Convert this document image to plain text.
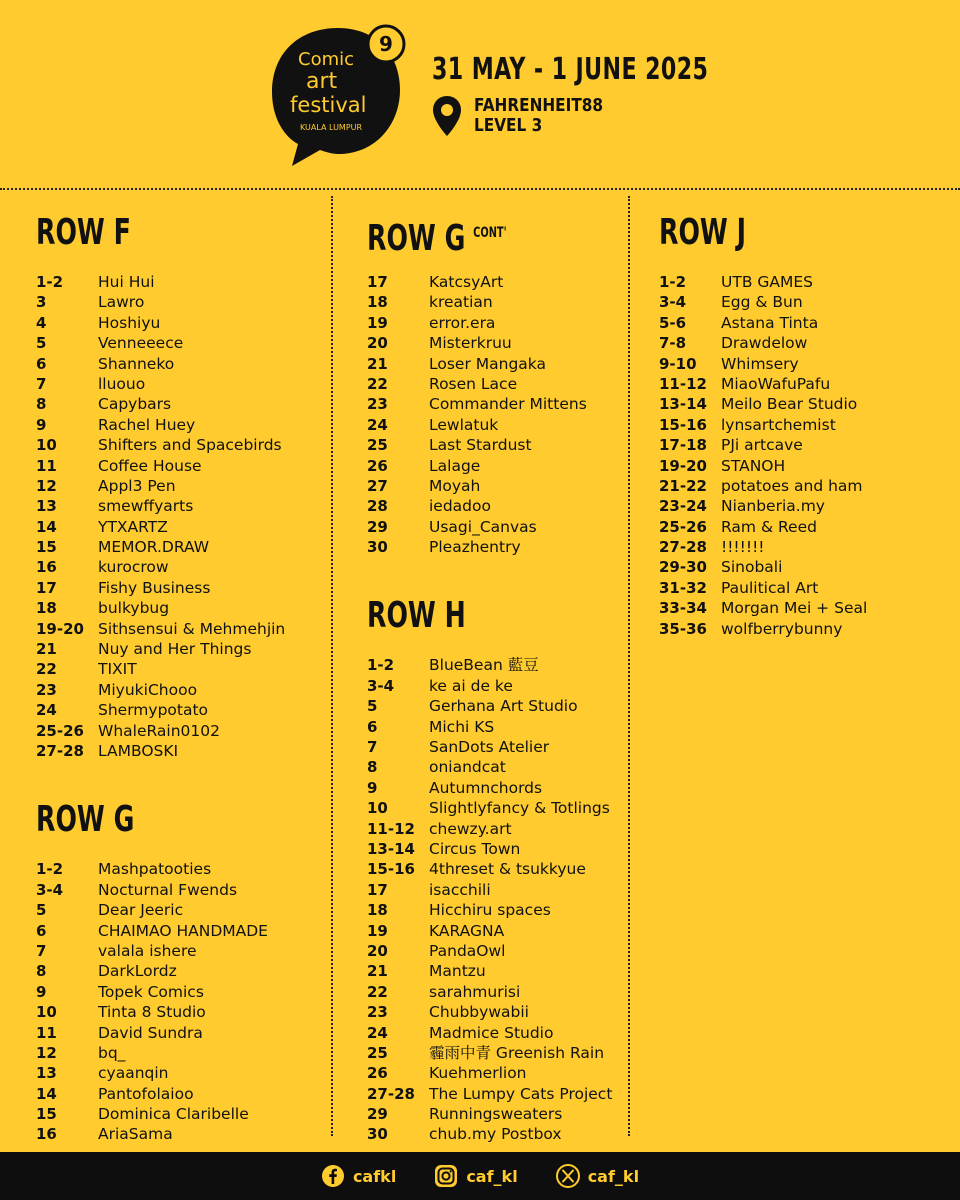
9
Comic
art
festival
KUALA LUMPUR
31 MAY - 1 JUNE 2025
FAHRENHEIT88
LEVEL 3
ROW F
1-2	Hui Hui
3	Lawro
4	Hoshiyu
5	Venneeece
6	Shanneko
7	lluouo
8	Capybars
9	Rachel Huey
10	Shifters and Spacebirds
11	Coffee House
12	Appl3 Pen
13	smewffyarts
14	YTXARTZ
15	MEMOR.DRAW
16	kurocrow
17	Fishy Business
18	bulkybug
19-20 Sithsensui & Mehmehjin
21	Nuy and Her Things
22	TIXIT
23	MiyukiChooo
24	Shermypotato
25-26 WhaleRain0102
27-28 LAMBOSKI
ROW G
1-2	Mashpatooties
3-4	Nocturnal Fwends
5	Dear Jeeric
6	CHAIMAO HANDMADE
7	valala ishere
8	DarkLordz
9	Topek Comics
10	Tinta 8 Studio
11	David Sundra
12	bq_
13	cyaanqin
14	Pantofolaioo
15	Dominica Claribelle
16	AriaSama
ROW G $^{CONT'}$
17	KatcsyArt
18	kreatian
19	error.era
20	Misterkruu
21	Loser Mangaka
22	Rosen Lace
23	Commander Mittens
24	Lewlatuk
25	Last Stardust
26	Lalage
27	Moyah
28	iedadoo
29	Usagi_Canvas
30	Pleazhentry
ROW H
1-2	BlueBean 藍豆
3-4	ke ai de ke
5	Gerhana Art Studio
6	Michi KS
7	SanDots Atelier
8	oniandcat
9	Autumnchords
10	Slightlyfancy & Totlings
11-12 chewzy.art
13-14 Circus Town
15-16 4threset & tsukkyue
17	isacchili
18	Hicchiru spaces
19	KARAGNA
20	PandaOwl
21	Mantzu
22	sarahmurisi
23	Chubbywabii
24	Madmice Studio
25	霾雨中青 Greenish Rain
26	Kuehmerlion
27-28 The Lumpy Cats Project
29	Runningsweaters
30	chub.my Postbox
ROW J
1-2	UTB GAMES
3-4	Egg & Bun
5-6	Astana Tinta
7-8	Drawdelow
9-10	Whimsery
11-12 MiaoWafuPafu
13-14 Meilo Bear Studio
15-16 lynsartchemist
17-18 PJi artcave
19-20 STANOH
21-22 potatoes and ham
23-24 Nianberia.my
25-26 Ram & Reed
27-28 !!!!!!!
29-30 Sinobali
31-32 Paulitical Art
33-34 Morgan Mei + Seal
35-36 wolfberrybunny
cafkl	caf_kl	caf_kl
